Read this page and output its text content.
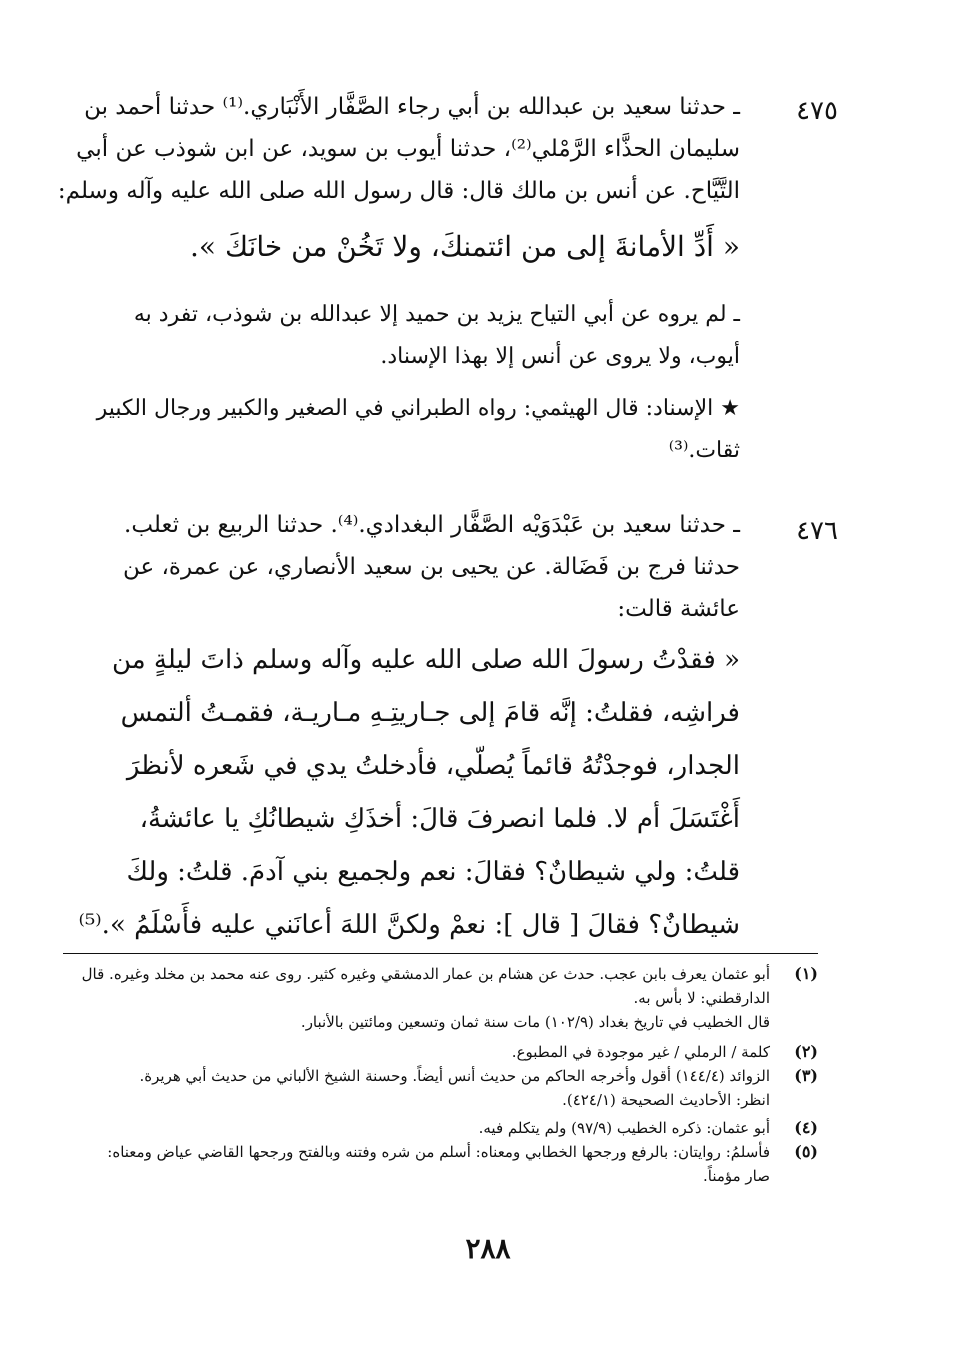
٤٧٥
ـ حدثنا سعيد بن عبدالله بن أبي رجاء الصَّفَّار الأَنْبَاري.⁽¹⁾ حدثنا أحمد بن
سليمان الحذَّاء الرَّمْلي⁽²⁾، حدثنا أيوب بن سويد، عن ابن شوذب عن أبي
التَّيَّاح. عن أنس بن مالك قال: قال رسول الله صلى الله عليه وآله وسلم:
« أَدِّ الأمانةَ إلى من ائتمنكَ، ولا تَخُنْ من خانَكَ ».
ـ لم يروه عن أبي التياح يزيد بن حميد إلا عبدالله بن شوذب، تفرد به
أيوب، ولا يروى عن أنس إلا بهذا الإسناد.
★ الإسناد: قال الهيثمي: رواه الطبراني في الصغير والكبير ورجال الكبير
ثقات.⁽³⁾
٤٧٦
ـ حدثنا سعيد بن عَبْدَوَيْه الصَّفَّار البغدادي.⁽⁴⁾. حدثنا الربيع بن ثعلب.
حدثنا فرج بن فَضَالة. عن يحيى بن سعيد الأنصاري، عن عمرة، عن
عائشة قالت:
« فقدْتُ رسولَ الله صلى الله عليه وآله وسلم ذاتَ ليلةٍ من
فراشِه، فقلتُ: إنَّه قامَ إلى جـاريتِـهِ مـاريـة، فقمـتُ ألتمس
الجدار، فوجدْتُهُ قائماً يُصلّي، فأدخلتُ يدي في شَعره لأنظرَ
أَغْتَسَلَ أم لا. فلما انصرفَ قالَ: أخذَكِ شيطانُكِ يا عائشةُ،
قلتُ: ولي شيطانٌ؟ فقالَ: نعم ولجميع بني آدمَ. قلتُ: ولكَ
شيطانٌ؟ فقالَ [ قال ]: نعمْ ولكنَّ اللهَ أعانَني عليه فأَسْلَمُ ».⁽⁵⁾
(١)
أبو عثمان يعرف بابن عجب. حدث عن هشام بن عمار الدمشقي وغيره كثير. روى عنه محمد بن مخلد وغيره. قال
الدارقطني: لا بأس به.
قال الخطيب في تاريخ بغداد (١٠٢/٩) مات سنة ثمان وتسعين ومائتين بالأنبار.
(٢)
كلمة / الرملي / غير موجودة في المطبوع.
(٣)
الزوائد (١٤٤/٤) أقول وأخرجه الحاكم من حديث أنس أيضاً. وحسنة الشيخ الألباني من حديث أبي هريرة.
انظر: الأحاديث الصحيحة (٤٢٤/١).
(٤)
أبو عثمان: ذكره الخطيب (٩٧/٩) ولم يتكلم فيه.
(٥)
فأسلمُ: روايتان: بالرفع ورجحها الخطابي ومعناه: أسلم من شره وفتنه وبالفتح ورجحها القاضي عياض ومعناه:
صار مؤمناً.
٢٨٨
